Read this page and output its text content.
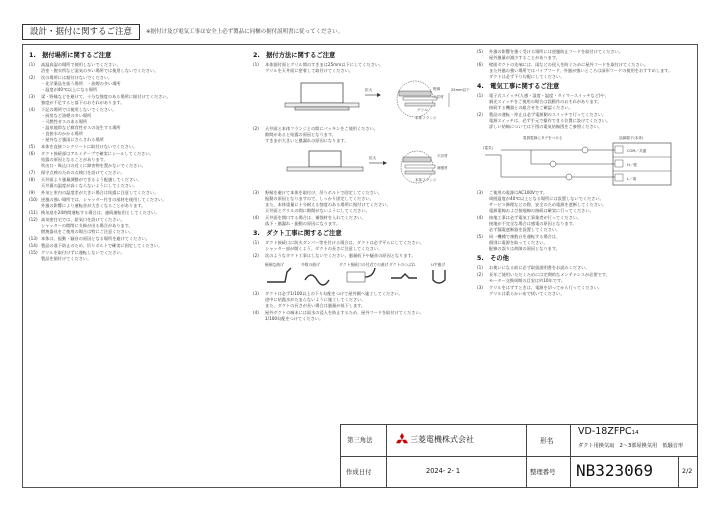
設計・据付に関するご注意	※据付け及び電気工事は安全上必ず製品に同梱の据付説明書に従ってください。
1.　据付場所に関するご注意
(1) 高温高湿の場所で使用しないでください。
浴室・脱衣所など湿気の多い場所では使用しないでください。
(2) 次の場所には据付けないでください。
・化学薬品を扱う場所　・油煙の多い場所
・温度が40℃以上になる場所
(3) 梁・野縁などを避けて、十分な強度のある場所に据付けてください。
強度が不足すると落下のおそれがあります。
(4) 下記の場所では使用しないでください。
・厨房など油煙の多い場所
・可燃性ガスのある場所
・温泉地帯など腐食性ガスの発生する場所
・直接水のかかる場所
・屋外など風雨にさらされる場所
(5) 本体を直接コンクリートに取付けないでください。
(6) ダクト接続部はアルミテープで確実にシールしてください。
結露の原因となることがあります。
吹出口・吸込口の近くに障害物を置かないでください。
(7) 保守点検のための点検口を設けてください。
(8) 天井面より風量調整ができるよう配慮してください。
天井裏の温度が高くならないようにしてください。
(9) 外気と室内の温度差が大きい場合は結露に注意してください。
(10) 逆風の強い場所では、シャッター付きの部材を使用してください。
外風の影響により運転音が大きくなることがあります。
(11) 換気扇を24時間運転する場合は、連続運転用としてください。
(12) 高気密住宅では、給気口を設けてください。
シャッターの開閉に支障が出る場合があります。
燃焼器具をご使用の場合は特にご注意ください。
(13) 本体は、振動・騒音の原因となる場所を避けてください。
(14) 製品の落下防止のため、吊りボルトで確実に固定してください。
(15) グリルを取付けずに運転しないでください。
製品を据付けてください。
2.　据付方法に関するご注意
(1) 本体据付面とグリル間のすきまは25mm以下にしてください。
グリルを天井面に密着して取付けてください。
野縁
天井材
グリル
25mm以下
本体フランジ
拡大
(2) 天井面と本体フランジとの間にパッキンをご使用ください。
隙間があると結露の原因となります。
すきまが大きいと風漏れの原因になります。
天井材
補強材
本体フランジ
拡大
(3) 野縁を避けて本体を取付け、吊りボルトで固定してください。
振動の原因となりますので、しっかり固定してください。
また、本体重量に十分耐える強度のある場所に据付けてください。
天井面とグリルの間に隙間がないようにしてください。
(4) 天井面を開口する場合は、補強材を入れてください。
落下・風漏れ・振動の原因になります。
3.　ダクト工事に関するご注意
(1) ダクト接続口に防火ダンパー等を付ける場合は、ダクトは必ず平らにしてください。
シャッター部が開くよう、ダクトの長さに注意してください。
(2) 次のようなダクト工事はしないでください。風量低下や騒音の原因となります。
極端な曲げ	多数の曲げ	ダクト接続口の付近での曲げ ダクトのつぶれ	U字曲げ
(3) ダクトは必ず1/100以上の下り勾配をつけて屋外側へ施工してください。
途中に結露水がたまらないように施工してください。
また、ダクトの長さが長い場合は風量が低下します。
(4) 屋外ダクトの端末には雨水の浸入を防止するため、屋外フードを取付けてください。
1/100勾配をつけてください。
(5) 外風の影響を強く受ける場所には逆風防止フードを取付けてください。
屋外風量が減少することがあります。
(6) 壁面ダクトの先端には、雨などの侵入を防ぐために屋外フードを取付けてください。
また外風の強い場所ではパイプフード、外風が強いところは深形フードの使用をおすすめします。
ダクトは必ず下り勾配にしてください。
4.　電気工事に関するご注意
(1) 電子式スイッチ(人感・湿度・温度・タイマースイッチなど)や、
調光スイッチをご使用の場合は誤動作のおそれがあります。
接続する機器との組合せをご確認ください。
(2) 製品の運転・停止は必ず電源側のスイッチで行ってください。
電源スイッチは、必ず手元で操作できる位置に設けてください。
詳しい結線については下図の電気結線図をご参照ください。
(電気)
電源電線にタグをつける	詰線端子(本体)
COM／共通
H／強
L／弱
(3) ご使用の電源はAC100Vです。
周囲温度が40℃以上となる場所には設置しないでください。
サービス修理などの際、安全のため電源を遮断してください。
電源電線および接地線の接続は確実に行ってください。
(4) 接地工事は必ず電気工事業者が行ってください。
接地が不完全な場合は感電の原因となります。
必ず漏電遮断器を設置してください。
(5) 同一機種で複数台を運転する場合は、
個別に電源を取ってください。
配線の誤りは故障の原因となります。
5.　その他
(1) お使いになる前に必ず取扱説明書をお読みください。
(2) 長年ご使用いただくためには定期的なメンテナンスが必要です。
モーター交換周期の目安は約10年です。
(3) グリルをはずすときは、電源を切ってから行ってください。
グリルは柔らかい布で拭いてください。
第三角法	三菱電機株式会社	形名
VD-18ZFPC14
ダクト用換気扇　2～3部屋換気用　低騒音形
作成日付	2024- 2- 1	整理番号 NB323069	2/2
